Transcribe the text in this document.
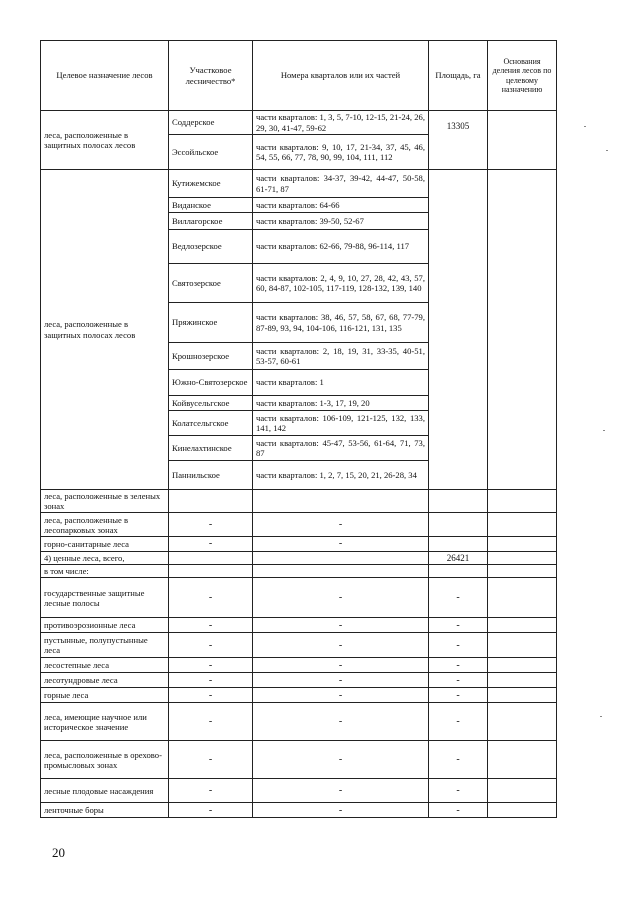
Целевое назначение лесов	Участковое лесничество*	Номера кварталов или их частей	Площадь, га	Основания деления лесов по целевому назначению
леса, расположенные в защитных полосах лесов	Соддерское	части кварталов: 1, 3, 5, 7-10, 12-15, 21-24, 26, 29, 30, 41-47, 59-62	13305	
	Эссойльское	части кварталов: 9, 10, 17, 21-34, 37, 45, 46, 54, 55, 66, 77, 78, 90, 99, 104, 111, 112		
леса, расположенные в защитных полосах лесов	Кутижемское	части кварталов: 34-37, 39-42, 44-47, 50-58, 61-71, 87		
	Виданское	части кварталов: 64-66		
	Виллагорское	части кварталов: 39-50, 52-67		
	Ведлозерское	части кварталов: 62-66, 79-88, 96-114, 117		
	Святозерское	части кварталов: 2, 4, 9, 10, 27, 28, 42, 43, 57, 60, 84-87, 102-105, 117-119, 128-132, 139, 140		
	Пряжинское	части кварталов: 38, 46, 57, 58, 67, 68, 77-79, 87-89, 93, 94, 104-106, 116-121, 131, 135		
	Крошнозерское	части кварталов: 2, 18, 19, 31, 33-35, 40-51, 53-57, 60-61		
	Южно-Святозерское	части кварталов: 1		
	Койвусельгское	части кварталов: 1-3, 17, 19, 20		
	Колатсельгское	части кварталов: 106-109, 121-125, 132, 133, 141, 142		
	Кинелахтинское	части кварталов: 45-47, 53-56, 61-64, 71, 73, 87		
	Паннильское	части кварталов: 1, 2, 7, 15, 20, 21, 26-28, 34		
леса, расположенные в зеленых зонах				
леса, расположенные в лесопарковых зонах	-	-		
горно-санитарные леса	-	-		
4) ценные леса, всего,			26421	
в том числе:				
государственные защитные лесные полосы	-	-	-	
противоэрозионные леса	-	-	-	
пустынные, полупустынные леса	-	-	-	
лесостепные леса	-	-	-	
лесотундровые леса	-	-	-	
горные леса	-	-	-	
леса, имеющие научное или историческое значение	-	-	-	
леса, расположенные в орехово-промысловых зонах	-	-	-	
лесные плодовые насаждения	-	-	-	
ленточные боры	-	-	-	
20
